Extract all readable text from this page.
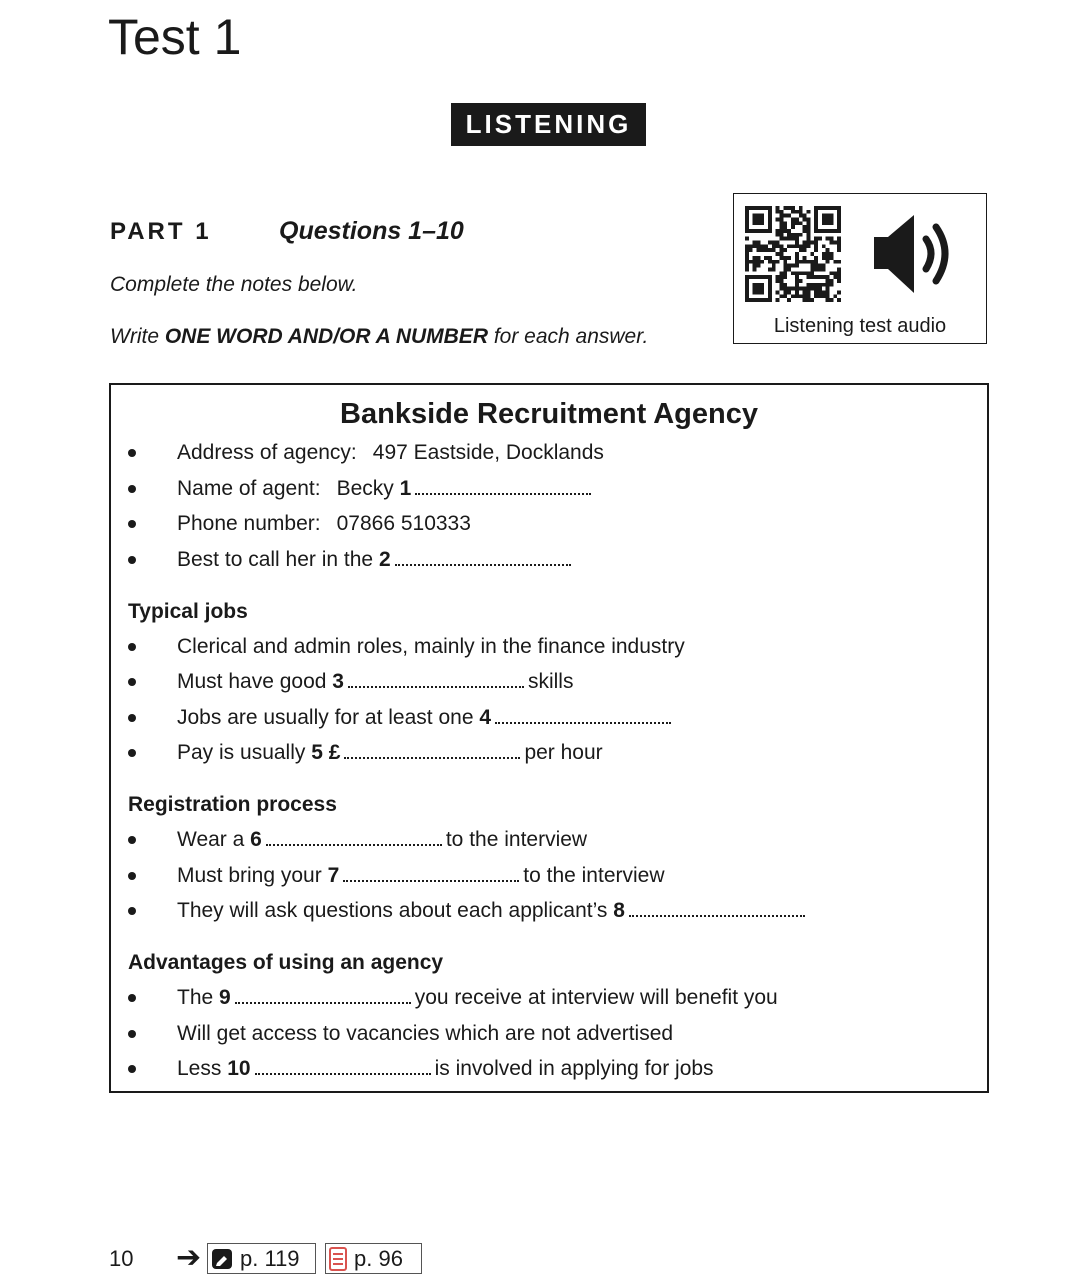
Test 1
LISTENING
PART 1	Questions 1–10
Complete the notes below.
Write ONE WORD AND/OR A NUMBER for each answer.	Listening test audio
Bankside Recruitment Agency
Address of agency: 497 Eastside, Docklands
Name of agent: Becky 1
Phone number: 07866 510333
Best to call her in the 2
Typical jobs
Clerical and admin roles, mainly in the finance industry
Must have good 3	skills
Jobs are usually for at least one 4
Pay is usually 5 £	per hour
Registration process
Wear a 6	to the interview
Must bring your 7	to the interview
They will ask questions about each applicant’s 8
Advantages of using an agency
The 9	you receive at interview will benefit you
Will get access to vacancies which are not advertised
Less 10	is involved in applying for jobs
10 ➔ p. 119 p. 96
